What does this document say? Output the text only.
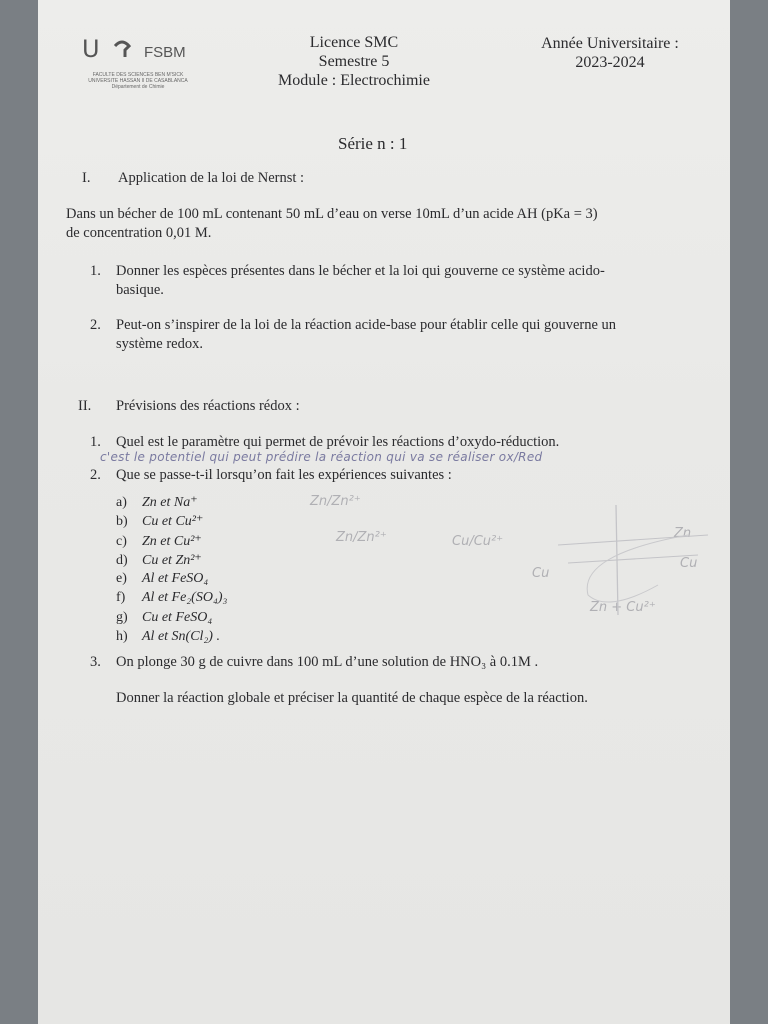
U	FSBM
FACULTE DES SCIENCES BEN M'SICK
UNIVERSITE HASSAN II DE CASABLANCA
Département de Chimie
Licence SMC
Semestre 5
Module : Electrochimie
Année Universitaire :
2023-2024
Série n : 1
I. Application de la loi de Nernst :
Dans un bécher de 100 mL contenant 50 mL d’eau on verse 10mL d’un acide AH (pKa = 3)
de concentration 0,01 M.
1. Donner les espèces présentes dans le bécher et la loi qui gouverne ce système acido-
basique.
2. Peut-on s’inspirer de la loi de la réaction acide-base pour établir celle qui gouverne un
système redox.
II. Prévisions des réactions rédox :
1. Quel est le paramètre qui permet de prévoir les réactions d’oxydo-réduction.
c'est le potentiel qui peut prédire la réaction qui va se réaliser ox/Red
2. Que se passe-t-il lorsqu’on fait les expériences suivantes :
a) Zn et Na⁺
b) Cu et Cu²⁺
c) Zn et Cu²⁺
d) Cu et Zn²⁺
e) Al et FeSO₄
f) Al et Fe₂(SO₄)₃
g) Cu et FeSO₄
h) Al et Sn(Cl₂) .
Zn/Zn²⁺
Zn/Zn²⁺	Cu/Cu²⁺
Zn
Cu
Cu
Zn + Cu²⁺
3. On plonge 30 g de cuivre dans 100 mL d’une solution de HNO₃ à 0.1M .
Donner la réaction globale et préciser la quantité de chaque espèce de la réaction.
